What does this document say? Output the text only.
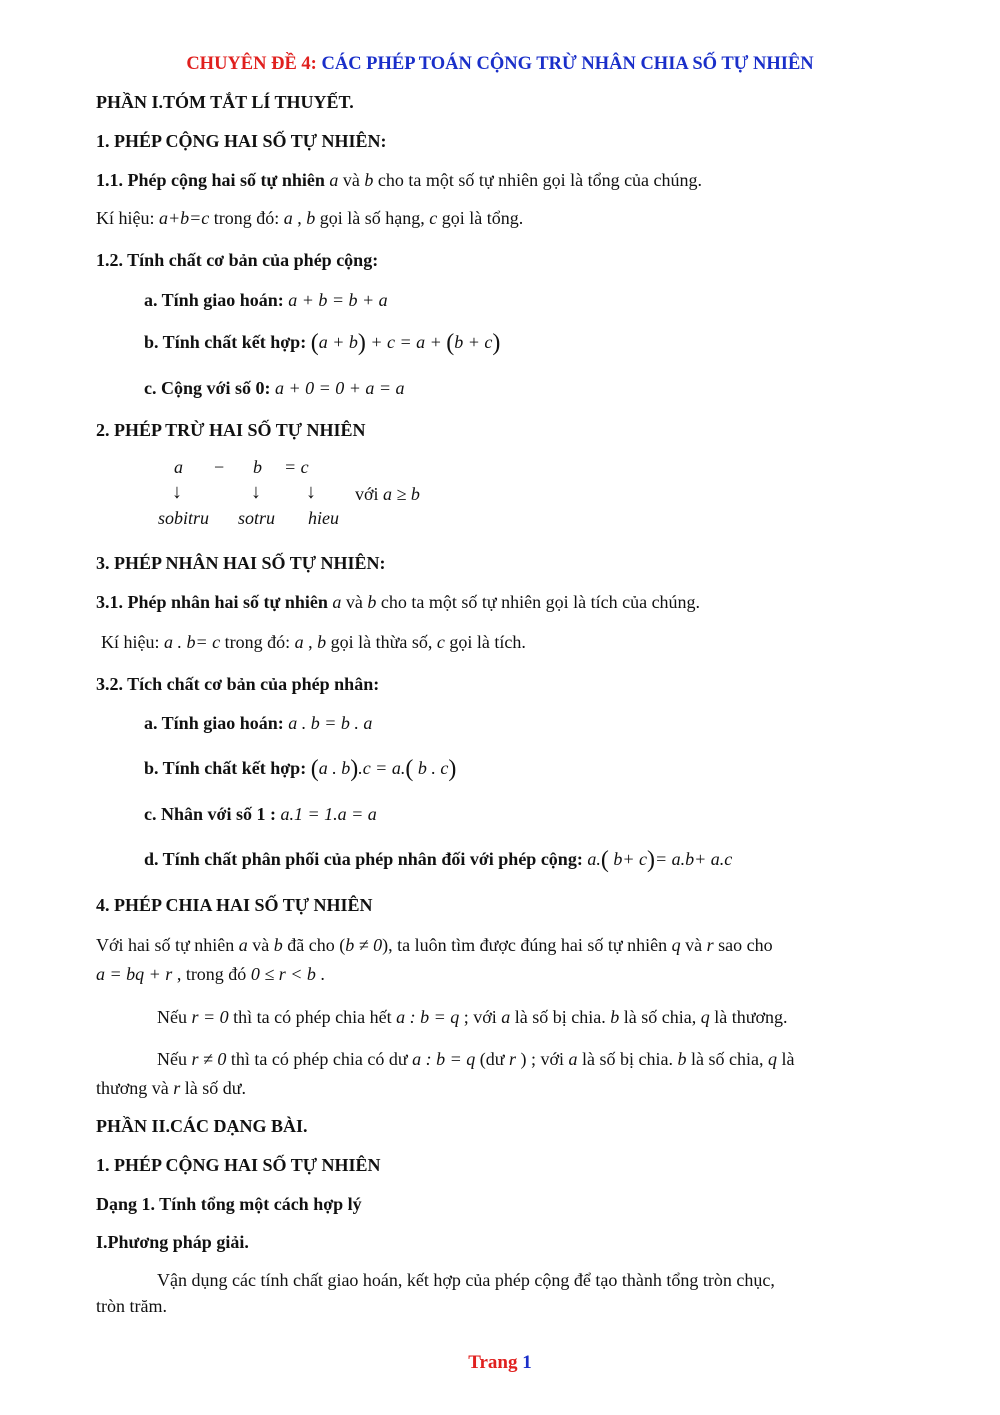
CHUYÊN ĐỀ 4: CÁC PHÉP TOÁN CỘNG TRỪ NHÂN CHIA SỐ TỰ NHIÊN
PHẦN I.TÓM TẮT LÍ THUYẾT.
1. PHÉP CỘNG HAI SỐ TỰ NHIÊN:
1.1. Phép cộng hai số tự nhiên a và b cho ta một số tự nhiên gọi là tổng của chúng.
Kí hiệu: a+b=c trong đó: a , b gọi là số hạng, c gọi là tổng.
1.2. Tính chất cơ bản của phép cộng:
a. Tính giao hoán: a + b = b + a
b. Tính chất kết hợp: (a + b) + c = a + (b + c)
c. Cộng với số 0: a + 0 = 0 + a = a
2. PHÉP TRỪ HAI SỐ TỰ NHIÊN
a − b = c
↓	↓ ↓ với a ≥ b
sobitru sotru hieu
3. PHÉP NHÂN HAI SỐ TỰ NHIÊN:
3.1. Phép nhân hai số tự nhiên a và b cho ta một số tự nhiên gọi là tích của chúng.
Kí hiệu: a . b= c trong đó: a , b gọi là thừa số, c gọi là tích.
3.2. Tích chất cơ bản của phép nhân:
a. Tính giao hoán: a . b = b . a
b. Tính chất kết hợp: (a . b).c = a.( b . c)
c. Nhân với số 1 : a.1 = 1.a = a
d. Tính chất phân phối của phép nhân đối với phép cộng: a.( b+ c)= a.b+ a.c
4. PHÉP CHIA HAI SỐ TỰ NHIÊN
Với hai số tự nhiên a và b đã cho (b ≠ 0), ta luôn tìm được đúng hai số tự nhiên q và r sao cho
a = bq + r , trong đó 0 ≤ r < b .
Nếu r = 0 thì ta có phép chia hết a : b = q ; với a là số bị chia. b là số chia, q là thương.
Nếu r ≠ 0 thì ta có phép chia có dư a : b = q (dư r ) ; với a là số bị chia. b là số chia, q là
thương và r là số dư.
PHẦN II.CÁC DẠNG BÀI.
1. PHÉP CỘNG HAI SỐ TỰ NHIÊN
Dạng 1. Tính tổng một cách hợp lý
I.Phương pháp giải.
Vận dụng các tính chất giao hoán, kết hợp của phép cộng để tạo thành tổng tròn chục,
tròn trăm.
Trang 1
